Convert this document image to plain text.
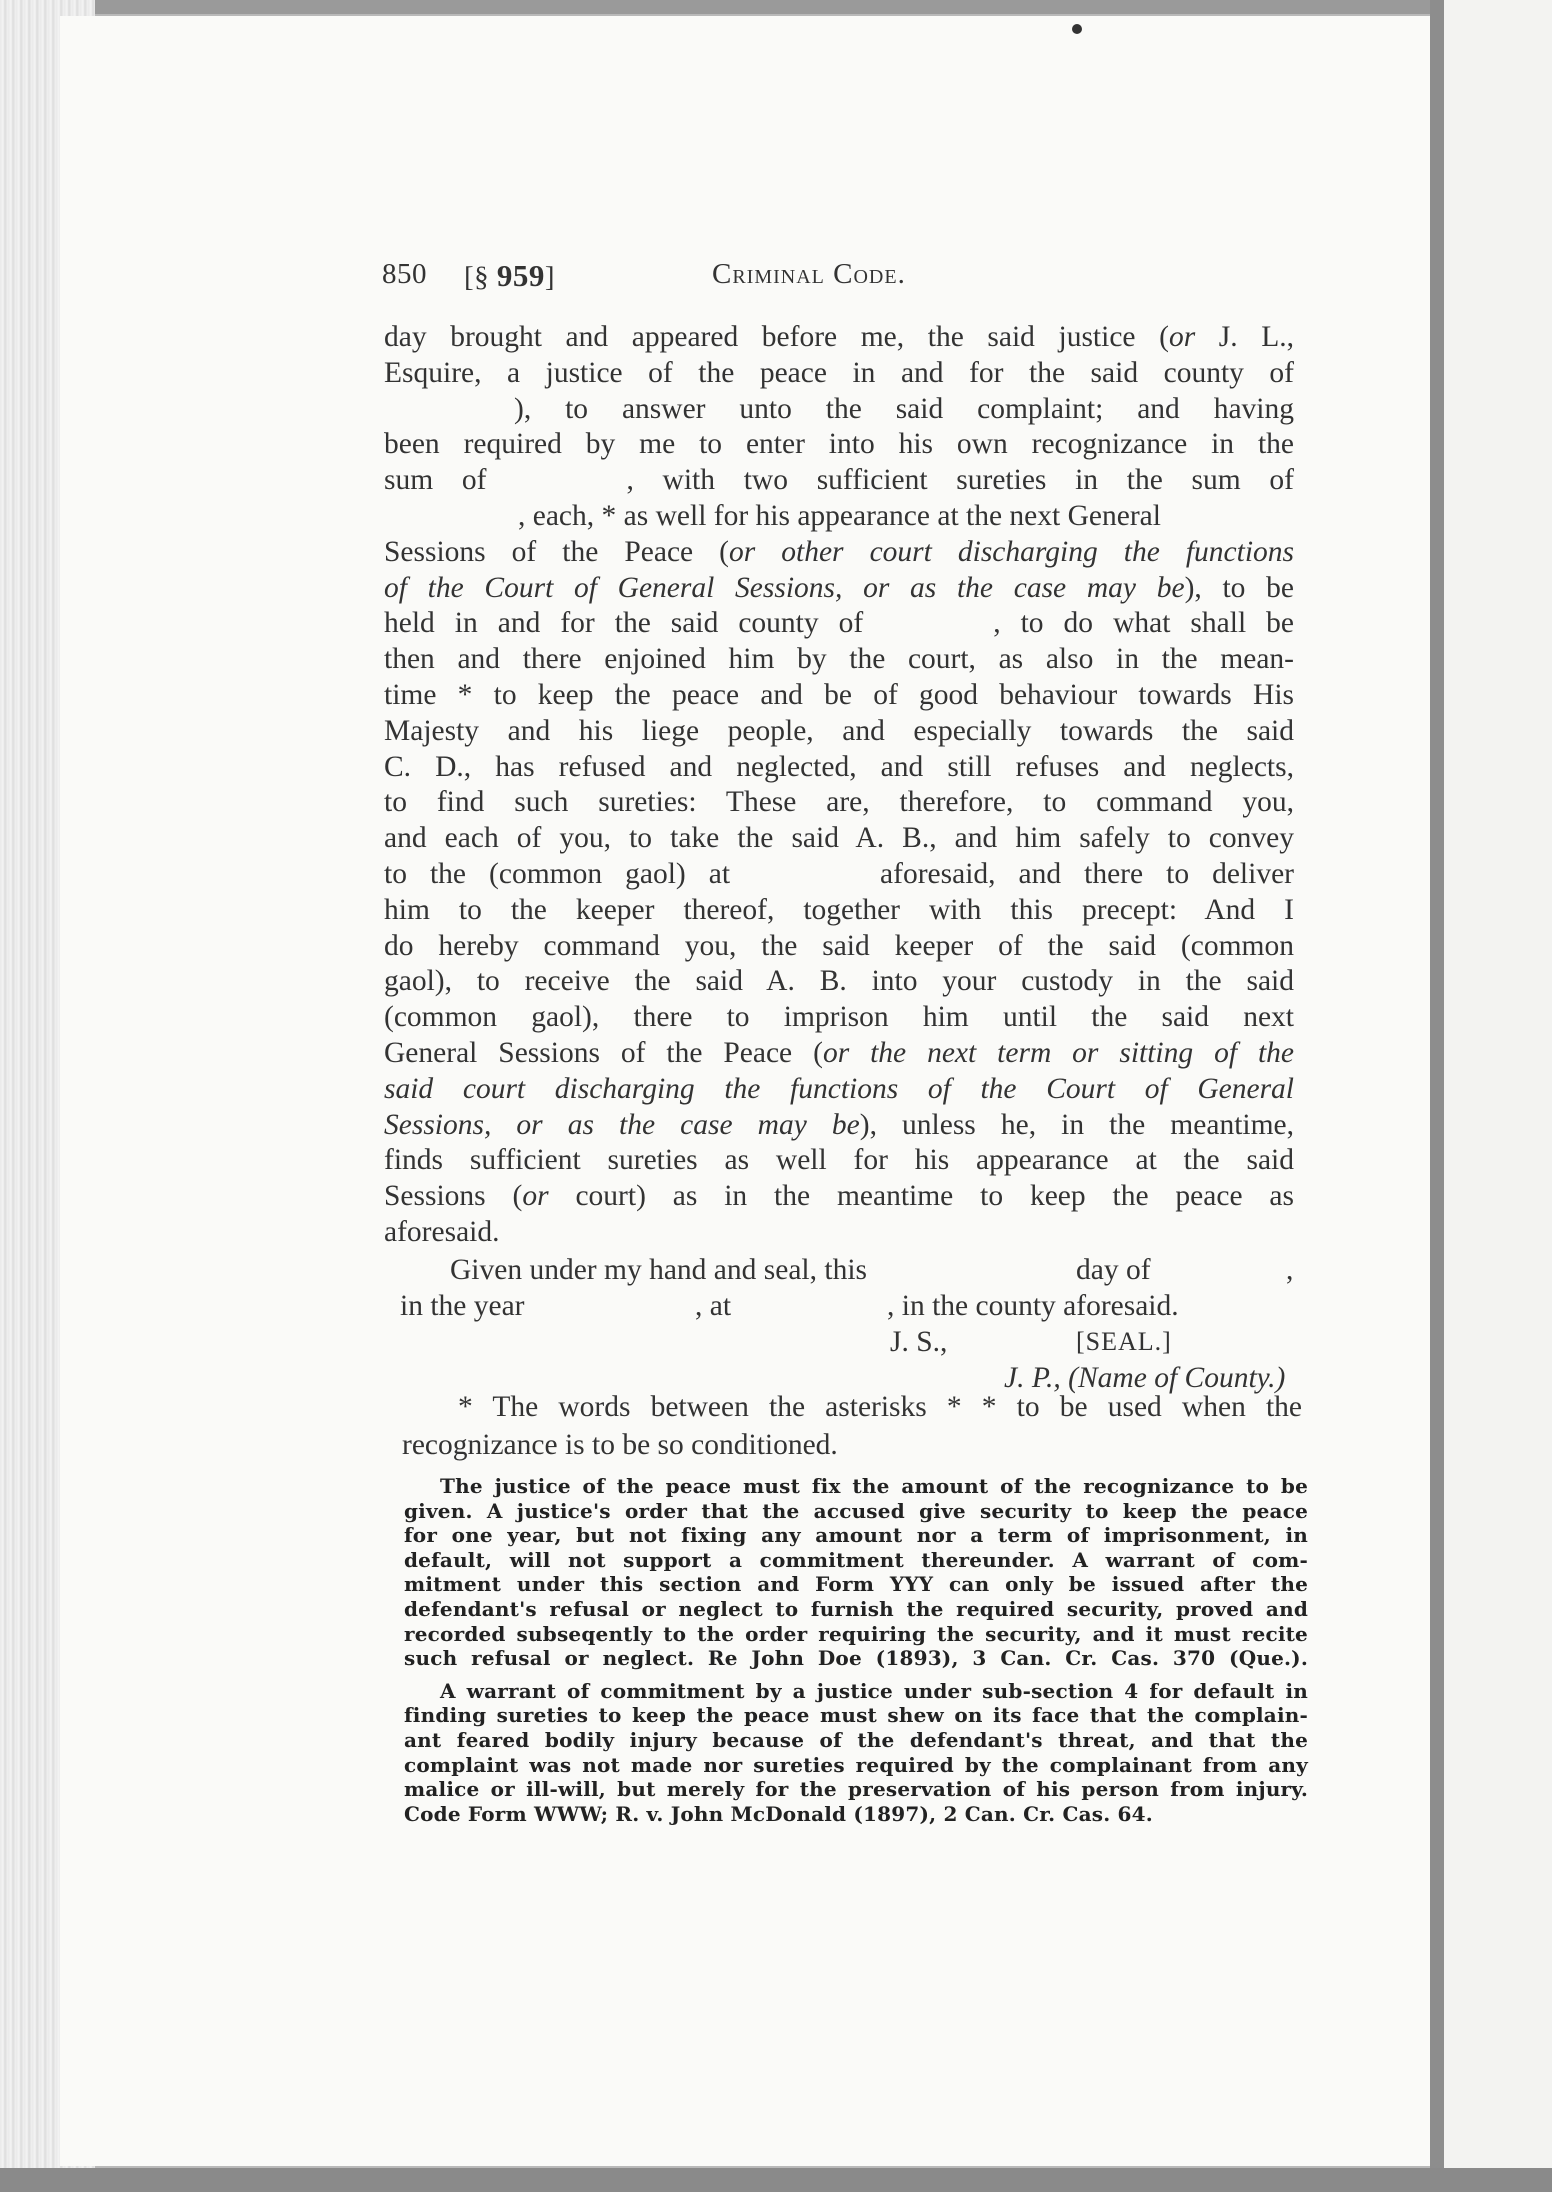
850 [§ 959]	Criminal Code.
day brought and appeared before me, the said justice (or J. L.,
Esquire, a justice of the peace in and for the said county of
), to answer unto the said complaint; and having
been required by me to enter into his own recognizance in the
sum of	, with two sufficient sureties in the sum of
, each, * as well for his appearance at the next General
Sessions of the Peace (or other court discharging the functions
of the Court of General Sessions, or as the case may be), to be
held in and for the said county of	, to do what shall be
then and there enjoined him by the court, as also in the mean-
time * to keep the peace and be of good behaviour towards His
Majesty and his liege people, and especially towards the said
C. D., has refused and neglected, and still refuses and neglects,
to find such sureties: These are, therefore, to command you,
and each of you, to take the said A. B., and him safely to convey
to the (common gaol) at	aforesaid, and there to deliver
him to the keeper thereof, together with this precept: And I
do hereby command you, the said keeper of the said (common
gaol), to receive the said A. B. into your custody in the said
(common gaol), there to imprison him until the said next
General Sessions of the Peace (or the next term or sitting of the
said court discharging the functions of the Court of General
Sessions, or as the case may be), unless he, in the meantime,
finds sufficient sureties as well for his appearance at the said
Sessions (or court) as in the meantime to keep the peace as
aforesaid.
Given under my hand and seal, this	day of	,
in the year	, at	, in the county aforesaid.
J. S.,	[SEAL.]
J. P., (Name of County.)
* The words between the asterisks * * to be used when the
recognizance is to be so conditioned.
The justice of the peace must fix the amount of the recognizance to be
given. A justice's order that the accused give security to keep the peace
for one year, but not fixing any amount nor a term of imprisonment, in
default, will not support a commitment thereunder. A warrant of com-
mitment under this section and Form YYY can only be issued after the
defendant's refusal or neglect to furnish the required security, proved and
recorded subseqently to the order requiring the security, and it must recite
such refusal or neglect. Re John Doe (1893), 3 Can. Cr. Cas. 370 (Que.).
A warrant of commitment by a justice under sub-section 4 for default in
finding sureties to keep the peace must shew on its face that the complain-
ant feared bodily injury because of the defendant's threat, and that the
complaint was not made nor sureties required by the complainant from any
malice or ill-will, but merely for the preservation of his person from injury.
Code Form WWW; R. v. John McDonald (1897), 2 Can. Cr. Cas. 64.
